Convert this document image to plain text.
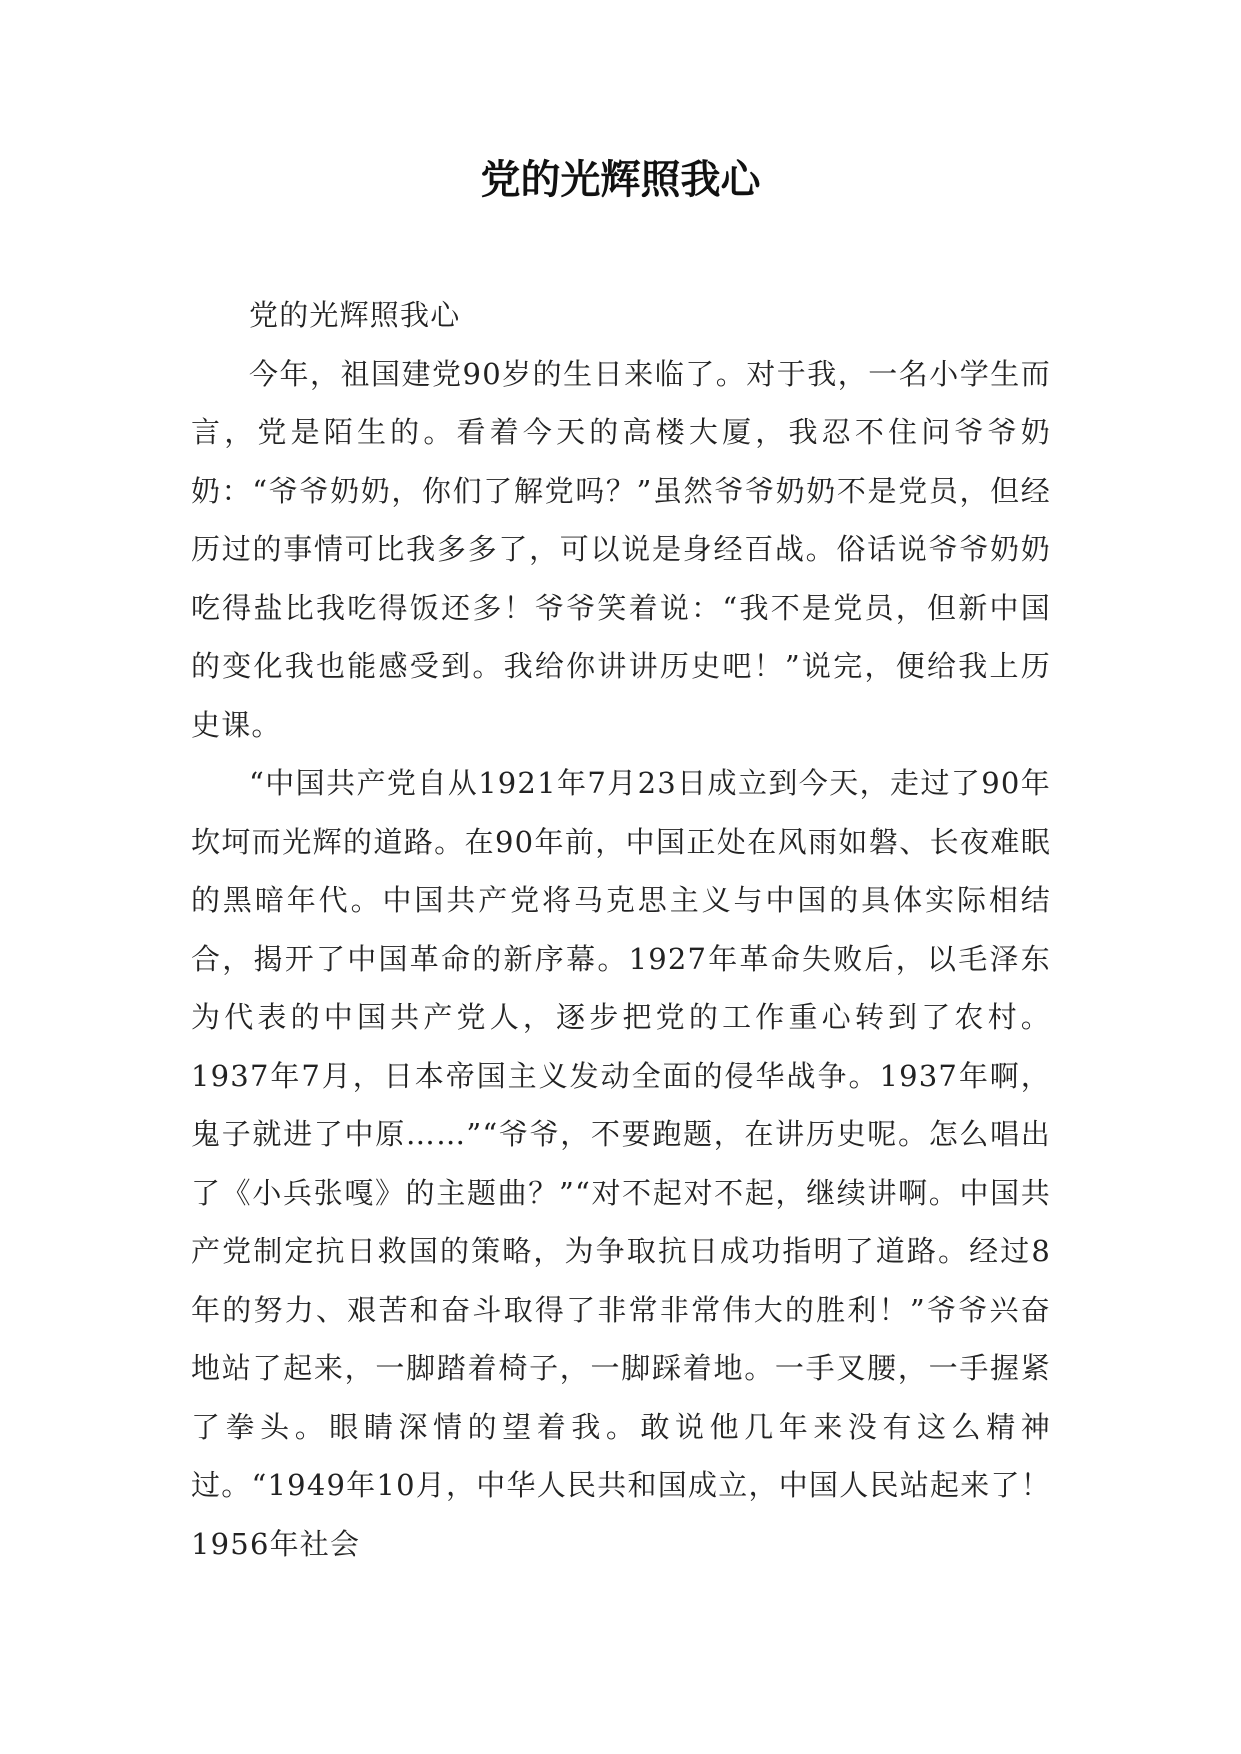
党的光辉照我心

党的光辉照我心

今年，祖国建党90岁的生日来临了。对于我，一名小学生而言，党是陌生的。看着今天的高楼大厦，我忍不住问爷爷奶奶：“爷爷奶奶，你们了解党吗？”虽然爷爷奶奶不是党员，但经历过的事情可比我多多了，可以说是身经百战。俗话说爷爷奶奶吃得盐比我吃得饭还多！爷爷笑着说：“我不是党员，但新中国的变化我也能感受到。我给你讲讲历史吧！”说完，便给我上历史课。

“中国共产党自从1921年7月23日成立到今天，走过了90年坎坷而光辉的道路。在90年前，中国正处在风雨如磐、长夜难眠的黑暗年代。中国共产党将马克思主义与中国的具体实际相结合，揭开了中国革命的新序幕。1927年革命失败后，以毛泽东为代表的中国共产党人，逐步把党的工作重心转到了农村。1937年7月，日本帝国主义发动全面的侵华战争。1937年啊，鬼子就进了中原……”“爷爷，不要跑题，在讲历史呢。怎么唱出了《小兵张嘎》的主题曲？”“对不起对不起，继续讲啊。中国共产党制定抗日救国的策略，为争取抗日成功指明了道路。经过8年的努力、艰苦和奋斗取得了非常非常伟大的胜利！”爷爷兴奋地站了起来，一脚踏着椅子，一脚踩着地。一手叉腰，一手握紧了拳头。眼睛深情的望着我。敢说他几年来没有这么精神过。“1949年10月，中华人民共和国成立，中国人民站起来了！1956年社会
